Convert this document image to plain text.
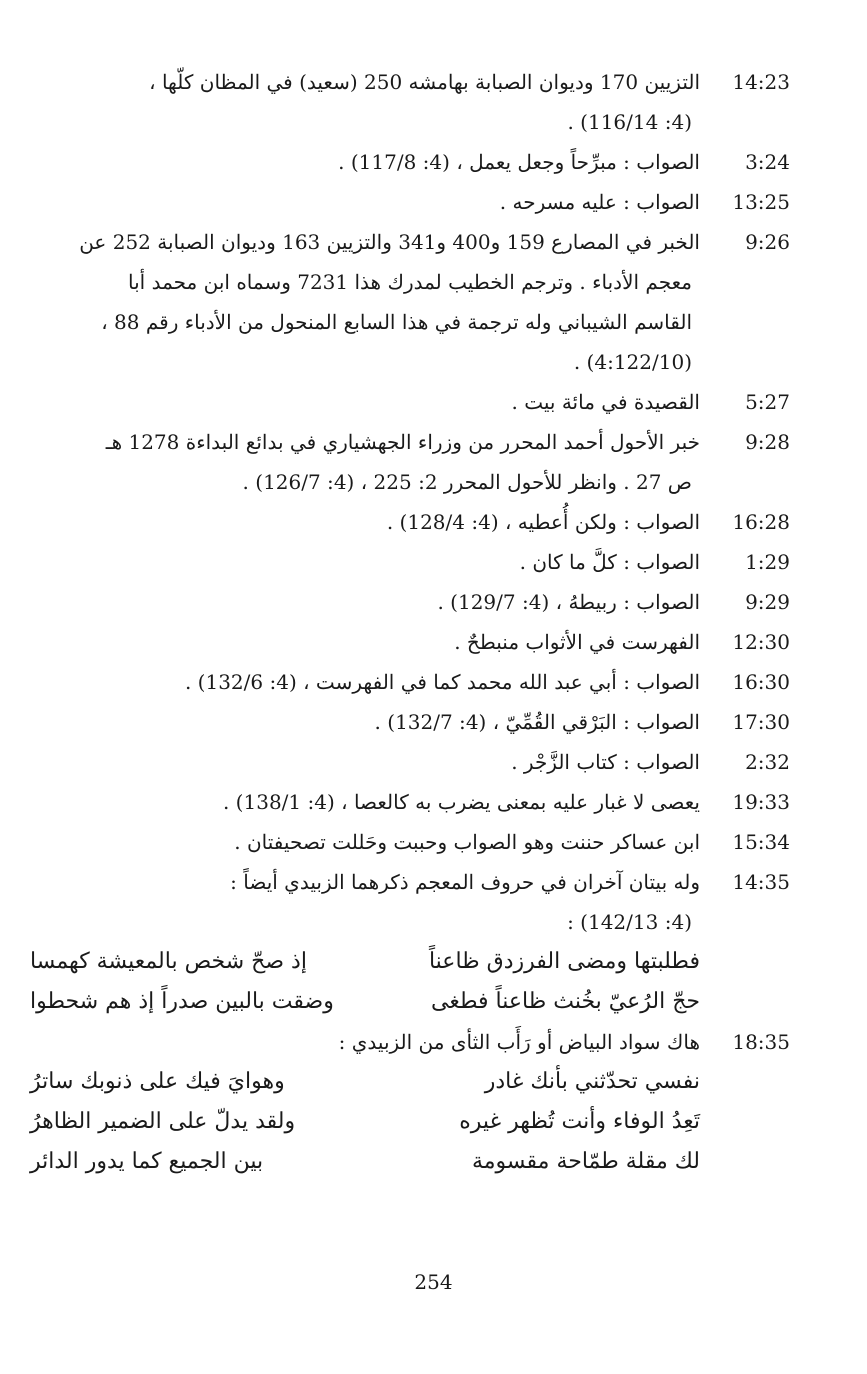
14:23
التزيين 170 وديوان الصبابة بهامشه 250 (سعيد) في المظان كلّها ،
(4: 116/14) .
3:24
الصواب : مبرِّحاً وجعل يعمل ، (4: 117/8) .
13:25
الصواب : عليه مسرحه .
9:26
الخبر في المصارع 159 و400 و341 والتزيين 163 وديوان الصبابة 252 عن
معجم الأدباء . وترجم الخطيب لمدرك هذا 7231 وسماه ابن محمد أبا
القاسم الشيباني وله ترجمة في هذا السابع المنحول من الأدباء رقم 88 ،
(4:122/10) .
5:27
القصيدة في مائة بيت .
9:28
خبر الأحول أحمد المحرر من وزراء الجهشياري في بدائع البداءة 1278 هـ
ص 27 . وانظر للأحول المحرر 2: 225 ، (4: 126/7) .
16:28
الصواب : ولكن أُعطيه ، (4: 128/4) .
1:29
الصواب : كلَّ ما كان .
9:29
الصواب : ربيطهُ ، (4: 129/7) .
12:30
الفهرست في الأثواب منبطحٌ .
16:30
الصواب : أبي عبد الله محمد كما في الفهرست ، (4: 132/6) .
17:30
الصواب : البَرْقي القُمِّيّ ، (4: 132/7) .
2:32
الصواب : كتاب الزَّجْر .
19:33
يعصى لا غبار عليه بمعنى يضرب به كالعصا ، (4: 138/1) .
15:34
ابن عساكر حننت وهو الصواب وحببت وحَللت تصحيفتان .
14:35
وله بيتان آخران في حروف المعجم ذكرهما الزبيدي أيضاً :
(4: 142/13) :
فطلبتها ومضى الفرزدق ظاعناً
إذ صحّ شخص بالمعيشة كهمسا
حجّ الرُعيّ بخُنث ظاعناً فطغى
وضقت بالبين صدراً إذ هم شحطوا
18:35
هاك سواد البياض أو رَأَب الثأى من الزبيدي :
نفسي تحدّثني بأنك غادر
وهوايَ فيك على ذنوبك ساترُ
تَعِدُ الوفاء وأنت تُظهر غيره
ولقد يدلّ على الضمير الظاهرُ
لك مقلة طمّاحة مقسومة
بين الجميع كما يدور الدائر
254
